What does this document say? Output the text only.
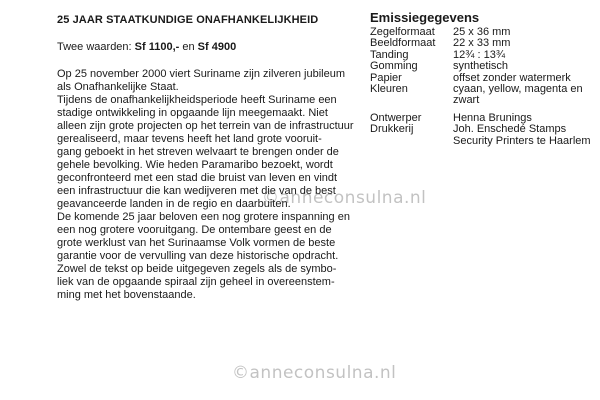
25 JAAR STAATKUNDIGE ONAFHANKELIJKHEID
Twee waarden: Sf 1100,- en Sf 4900

Op 25 november 2000 viert Suriname zijn zilveren jubileum

als Onafhankelijke Staat.

Tijdens de onafhankelijkheidsperiode heeft Suriname een

stadige ontwikkeling in opgaande lijn meegemaakt. Niet

alleen zijn grote projecten op het terrein van de infrastructuur

gerealiseerd, maar tevens heeft het land grote vooruit-

gang geboekt in het streven welvaart te brengen onder de

gehele bevolking. Wie heden Paramaribo bezoekt, wordt

geconfronteerd met een stad die bruist van leven en vindt

een infrastructuur die kan wedijveren met die van de best

geavanceerde landen in de regio en daarbuiten.

De komende 25 jaar beloven een nog grotere inspanning en

een nog grotere vooruitgang. De ontembare geest en de

grote werklust van het Surinaamse Volk vormen de beste

garantie voor de vervulling van deze historische opdracht.

Zowel de tekst op beide uitgegeven zegels als de symbo-

liek van de opgaande spiraal zijn geheel in overeenstem-

ming met het bovenstaande.

Emissiegegevens
Zegelformaat	25 x 36 mm
Beeldformaat	22 x 33 mm
Tanding	12¾ : 13¾
Gomming	synthetisch
Papier	offset zonder watermerk
Kleuren	cyaan, yellow, magenta en
zwart
Ontwerper	Henna Brunings
Drukkerij	Joh. Enschedé Stamps
Security Printers te Haarlem
©anneconsulna.nl
©anneconsulna.nl
